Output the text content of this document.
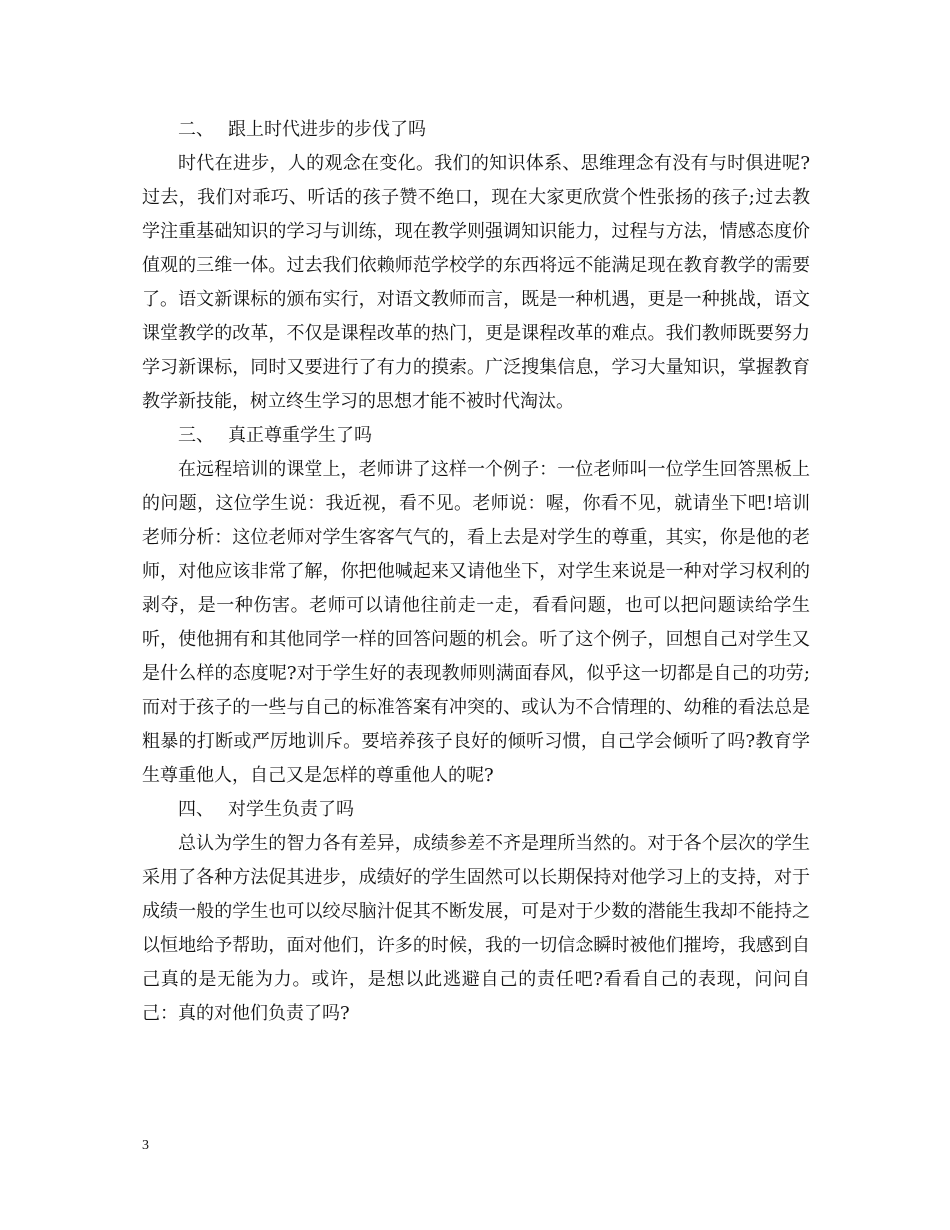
二、 跟上时代进步的步伐了吗

时代在进步，人的观念在变化。我们的知识体系、思维理念有没有与时俱进呢?过去，我们对乖巧、听话的孩子赞不绝口，现在大家更欣赏个性张扬的孩子;过去教学注重基础知识的学习与训练，现在教学则强调知识能力，过程与方法，情感态度价值观的三维一体。过去我们依赖师范学校学的东西将远不能满足现在教育教学的需要了。语文新课标的颁布实行，对语文教师而言，既是一种机遇，更是一种挑战，语文课堂教学的改革，不仅是课程改革的热门，更是课程改革的难点。我们教师既要努力学习新课标，同时又要进行了有力的摸索。广泛搜集信息，学习大量知识，掌握教育教学新技能，树立终生学习的思想才能不被时代淘汰。

三、 真正尊重学生了吗

在远程培训的课堂上，老师讲了这样一个例子：一位老师叫一位学生回答黑板上的问题，这位学生说：我近视，看不见。老师说：喔，你看不见，就请坐下吧!培训老师分析：这位老师对学生客客气气的，看上去是对学生的尊重，其实，你是他的老师，对他应该非常了解，你把他喊起来又请他坐下，对学生来说是一种对学习权利的剥夺，是一种伤害。老师可以请他往前走一走，看看问题，也可以把问题读给学生听，使他拥有和其他同学一样的回答问题的机会。听了这个例子，回想自己对学生又是什么样的态度呢?对于学生好的表现教师则满面春风，似乎这一切都是自己的功劳;而对于孩子的一些与自己的标准答案有冲突的、或认为不合情理的、幼稚的看法总是粗暴的打断或严厉地训斥。要培养孩子良好的倾听习惯，自己学会倾听了吗?教育学生尊重他人，自己又是怎样的尊重他人的呢?

四、 对学生负责了吗

总认为学生的智力各有差异，成绩参差不齐是理所当然的。对于各个层次的学生采用了各种方法促其进步，成绩好的学生固然可以长期保持对他学习上的支持，对于成绩一般的学生也可以绞尽脑汁促其不断发展，可是对于少数的潜能生我却不能持之以恒地给予帮助，面对他们，许多的时候，我的一切信念瞬时被他们摧垮，我感到自己真的是无能为力。或许，是想以此逃避自己的责任吧?看看自己的表现，问问自己：真的对他们负责了吗?

3
